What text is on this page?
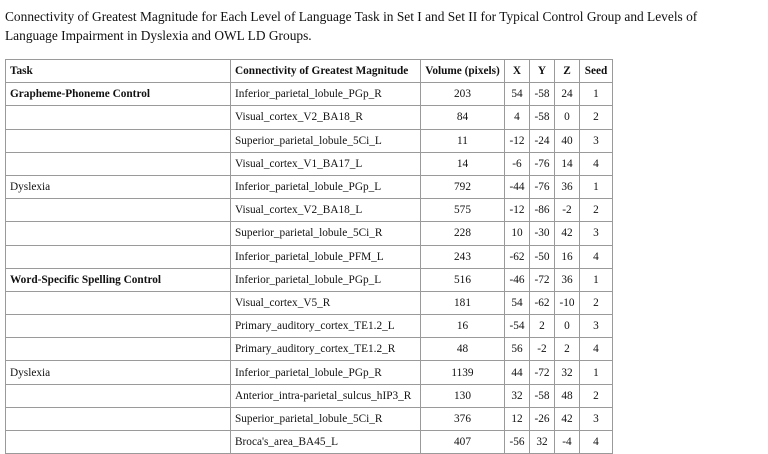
Connectivity of Greatest Magnitude for Each Level of Language Task in Set I and Set II for Typical Control Group and Levels of Language Impairment in Dyslexia and OWL LD Groups.
Task	Connectivity of Greatest Magnitude	Volume (pixels)	X	Y	Z	Seed
Grapheme-Phoneme Control	Inferior_parietal_lobule_PGp_R	203	54	-58	24	1
	Visual_cortex_V2_BA18_R	84	4	-58	0	2
	Superior_parietal_lobule_5Ci_L	11	-12	-24	40	3
	Visual_cortex_V1_BA17_L	14	-6	-76	14	4
Dyslexia	Inferior_parietal_lobule_PGp_L	792	-44	-76	36	1
	Visual_cortex_V2_BA18_L	575	-12	-86	-2	2
	Superior_parietal_lobule_5Ci_R	228	10	-30	42	3
	Inferior_parietal_lobule_PFM_L	243	-62	-50	16	4
Word-Specific Spelling Control	Inferior_parietal_lobule_PGp_L	516	-46	-72	36	1
	Visual_cortex_V5_R	181	54	-62	-10	2
	Primary_auditory_cortex_TE1.2_L	16	-54	2	0	3
	Primary_auditory_cortex_TE1.2_R	48	56	-2	2	4
Dyslexia	Inferior_parietal_lobule_PGp_R	1139	44	-72	32	1
	Anterior_intra-parietal_sulcus_hIP3_R	130	32	-58	48	2
	Superior_parietal_lobule_5Ci_R	376	12	-26	42	3
	Broca's_area_BA45_L	407	-56	32	-4	4
